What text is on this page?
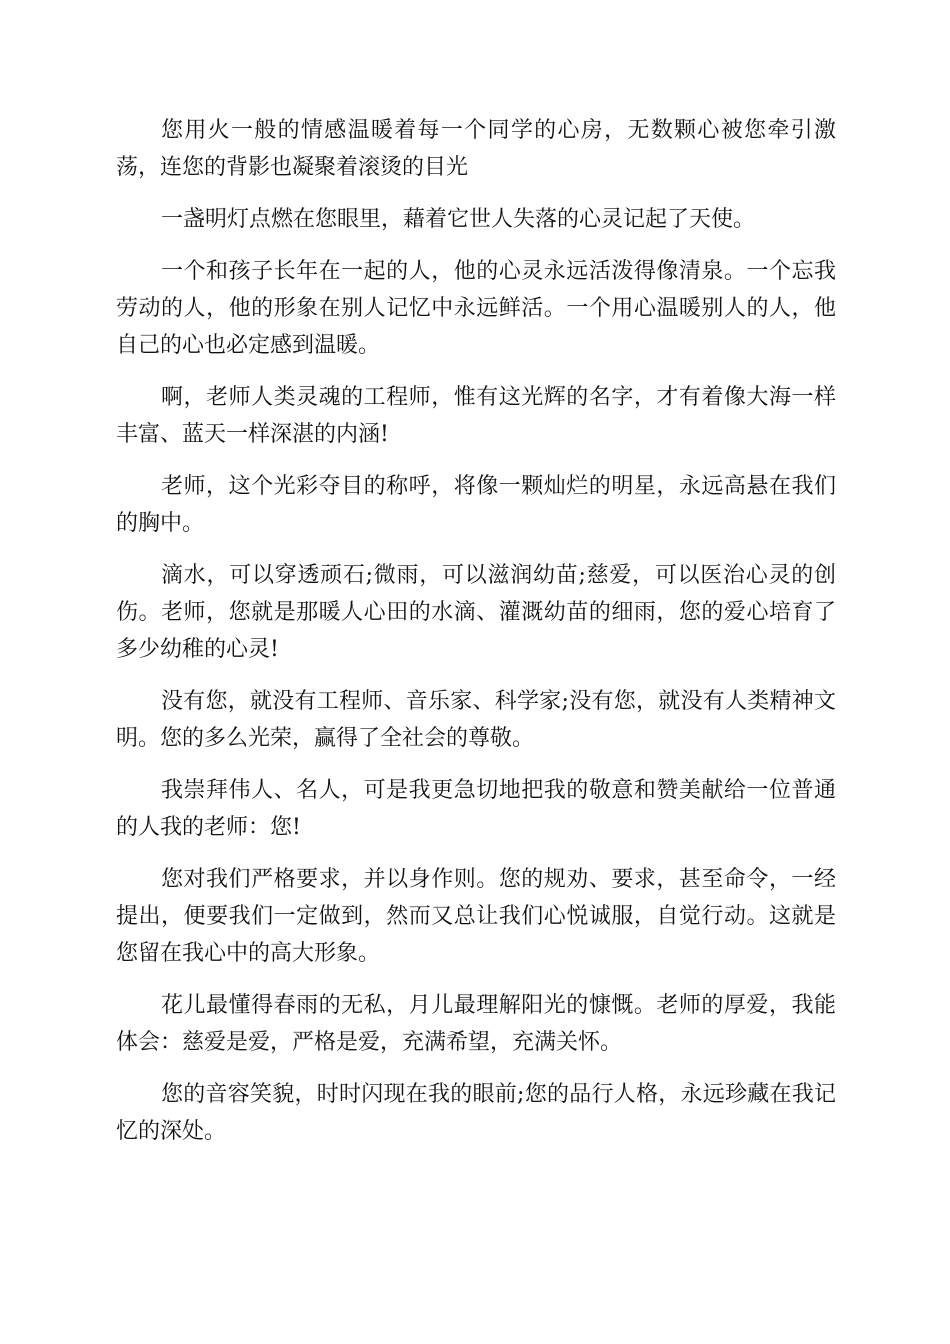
您用火一般的情感温暖着每一个同学的心房，无数颗心被您牵引激荡，连您的背影也凝聚着滚烫的目光

一盏明灯点燃在您眼里，藉着它世人失落的心灵记起了天使。

一个和孩子长年在一起的人，他的心灵永远活泼得像清泉。一个忘我劳动的人，他的形象在别人记忆中永远鲜活。一个用心温暖别人的人，他自己的心也必定感到温暖。

啊，老师人类灵魂的工程师，惟有这光辉的名字，才有着像大海一样丰富、蓝天一样深湛的内涵!

老师，这个光彩夺目的称呼，将像一颗灿烂的明星，永远高悬在我们的胸中。

滴水，可以穿透顽石;微雨，可以滋润幼苗;慈爱，可以医治心灵的创伤。老师，您就是那暖人心田的水滴、灌溉幼苗的细雨，您的爱心培育了多少幼稚的心灵!

没有您，就没有工程师、音乐家、科学家;没有您，就没有人类精神文明。您的多么光荣，赢得了全社会的尊敬。

我崇拜伟人、名人，可是我更急切地把我的敬意和赞美献给一位普通的人我的老师：您!

您对我们严格要求，并以身作则。您的规劝、要求，甚至命令，一经提出，便要我们一定做到，然而又总让我们心悦诚服，自觉行动。这就是您留在我心中的高大形象。

花儿最懂得春雨的无私，月儿最理解阳光的慷慨。老师的厚爱，我能体会：慈爱是爱，严格是爱，充满希望，充满关怀。

您的音容笑貌，时时闪现在我的眼前;您的品行人格，永远珍藏在我记忆的深处。
